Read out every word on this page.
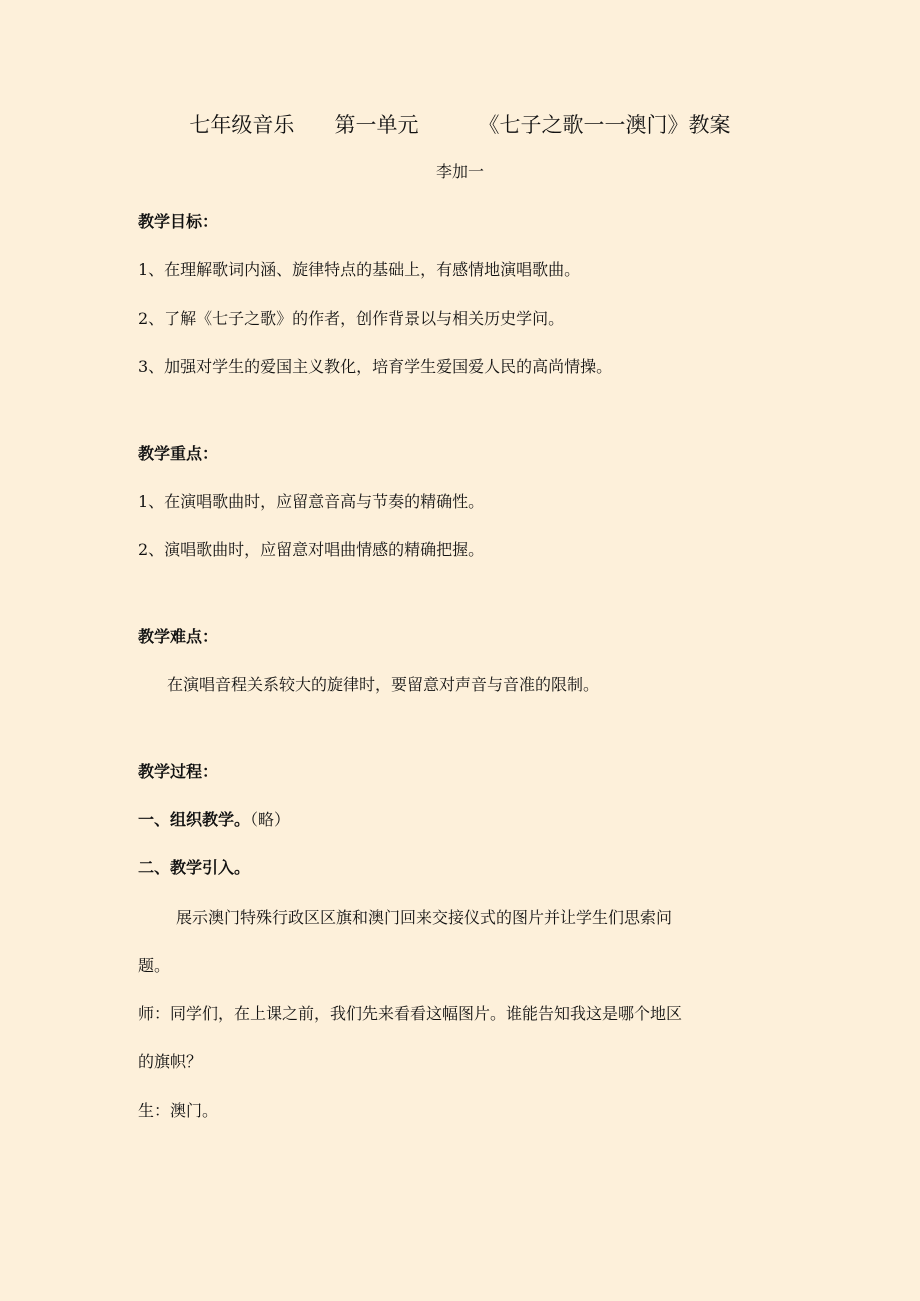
七年级音乐      第一单元         《七子之歌一一澳门》教案
李加一
教学目标：
1、在理解歌词内涵、旋律特点的基础上，有感情地演唱歌曲。
2、了解《七子之歌》的作者，创作背景以与相关历史学问。
3、加强对学生的爱国主义教化，培育学生爱国爱人民的高尚情操。
教学重点：
1、在演唱歌曲时，应留意音高与节奏的精确性。
2、演唱歌曲时，应留意对唱曲情感的精确把握。
教学难点：
在演唱音程关系较大的旋律时，要留意对声音与音准的限制。
教学过程：
一、组织教学。（略）
二、教学引入。
展示澳门特殊行政区区旗和澳门回来交接仪式的图片并让学生们思索问
题。
师：同学们，在上课之前，我们先来看看这幅图片。谁能告知我这是哪个地区
的旗帜？
生：澳门。
